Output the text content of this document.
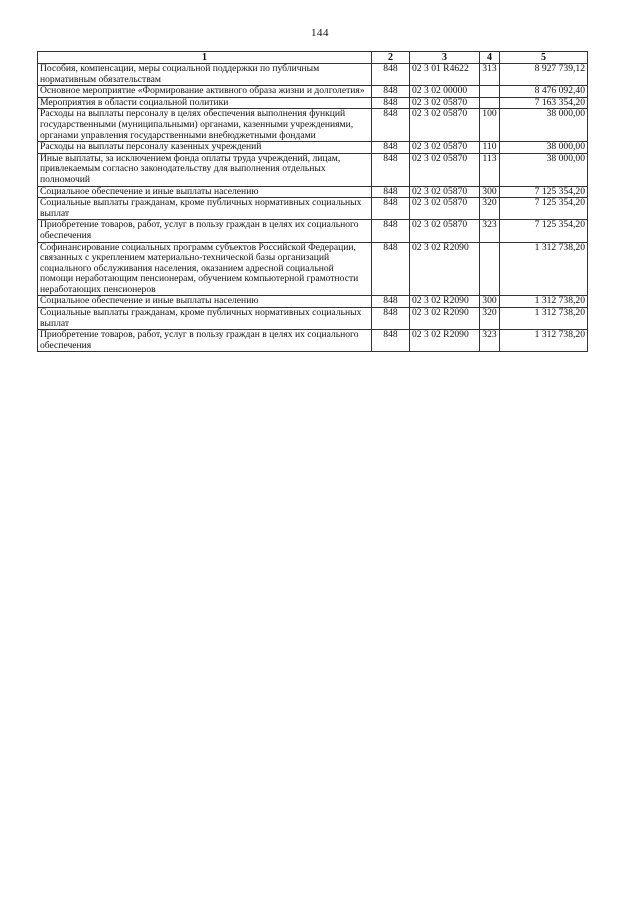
144
1	2	3	4	5
Пособия, компенсации, меры социальной поддержки по публичным нормативным обязательствам	848	02 3 01 R4622	313	8 927 739,12
Основное мероприятие «Формирование активного образа жизни и долголетия»	848	02 3 02 00000		8 476 092,40
Мероприятия в области социальной политики	848	02 3 02 05870		7 163 354,20
Расходы на выплаты персоналу в целях обеспечения выполнения функций государственными (муниципальными) органами, казенными учреждениями, органами управления государственными внебюджетными фондами	848	02 3 02 05870	100	38 000,00
Расходы на выплаты персоналу казенных учреждений	848	02 3 02 05870	110	38 000,00
Иные выплаты, за исключением фонда оплаты труда учреждений, лицам, привлекаемым согласно законодательству для выполнения отдельных полномочий	848	02 3 02 05870	113	38 000,00
Социальное обеспечение и иные выплаты населению	848	02 3 02 05870	300	7 125 354,20
Социальные выплаты гражданам, кроме публичных нормативных социальных выплат	848	02 3 02 05870	320	7 125 354,20
Приобретение товаров, работ, услуг в пользу граждан в целях их социального обеспечения	848	02 3 02 05870	323	7 125 354,20
Софинансирование социальных программ субъектов Российской Федерации, связанных с укреплением материально-технической базы организаций социального обслуживания населения, оказанием адресной социальной помощи неработающим пенсионерам, обучением компьютерной грамотности неработающих пенсионеров	848	02 3 02 R2090		1 312 738,20
Социальное обеспечение и иные выплаты населению	848	02 3 02 R2090	300	1 312 738,20
Социальные выплаты гражданам, кроме публичных нормативных социальных выплат	848	02 3 02 R2090	320	1 312 738,20
Приобретение товаров, работ, услуг в пользу граждан в целях их социального обеспечения	848	02 3 02 R2090	323	1 312 738,20
